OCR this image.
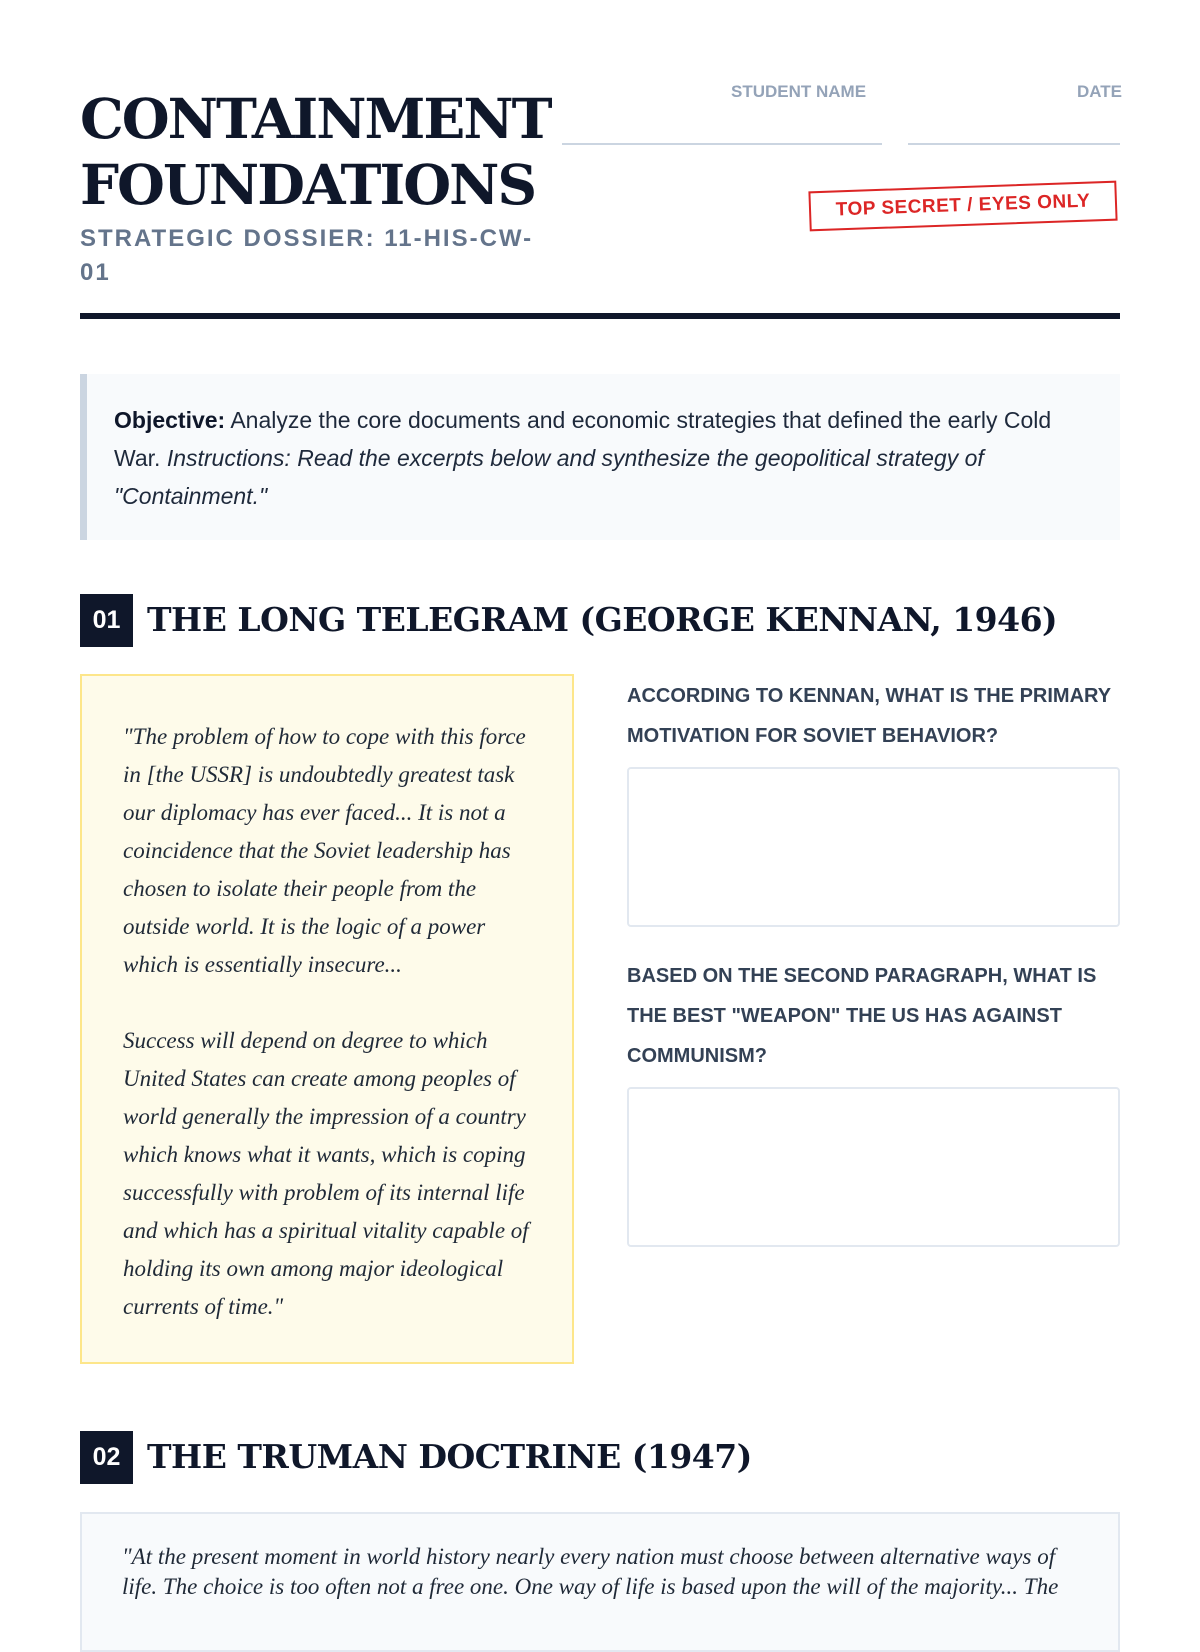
CONTAINMENT
FOUNDATIONS
STRATEGIC DOSSIER: 11-HIS-CW-01
STUDENT NAME	DATE
TOP SECRET / EYES ONLY
Objective: Analyze the core documents and economic strategies that defined the early Cold War. Instructions: Read the excerpts below and synthesize the geopolitical strategy of "Containment."
01 THE LONG TELEGRAM (GEORGE KENNAN, 1946)

"The problem of how to cope with this force in [the USSR] is undoubtedly greatest task our diplomacy has ever faced... It is not a coincidence that the Soviet leadership has chosen to isolate their people from the outside world. It is the logic of a power which is essentially insecure...

Success will depend on degree to which United States can create among peoples of world generally the impression of a country which knows what it wants, which is coping successfully with problem of its internal life and which has a spiritual vitality capable of holding its own among major ideological currents of time."

ACCORDING TO KENNAN, WHAT IS THE PRIMARY MOTIVATION FOR SOVIET BEHAVIOR?
BASED ON THE SECOND PARAGRAPH, WHAT IS THE BEST "WEAPON" THE US HAS AGAINST COMMUNISM?
02 THE TRUMAN DOCTRINE (1947)
"At the present moment in world history nearly every nation must choose between alternative ways of life. The choice is too often not a free one. One way of life is based upon the will of the majority... The
